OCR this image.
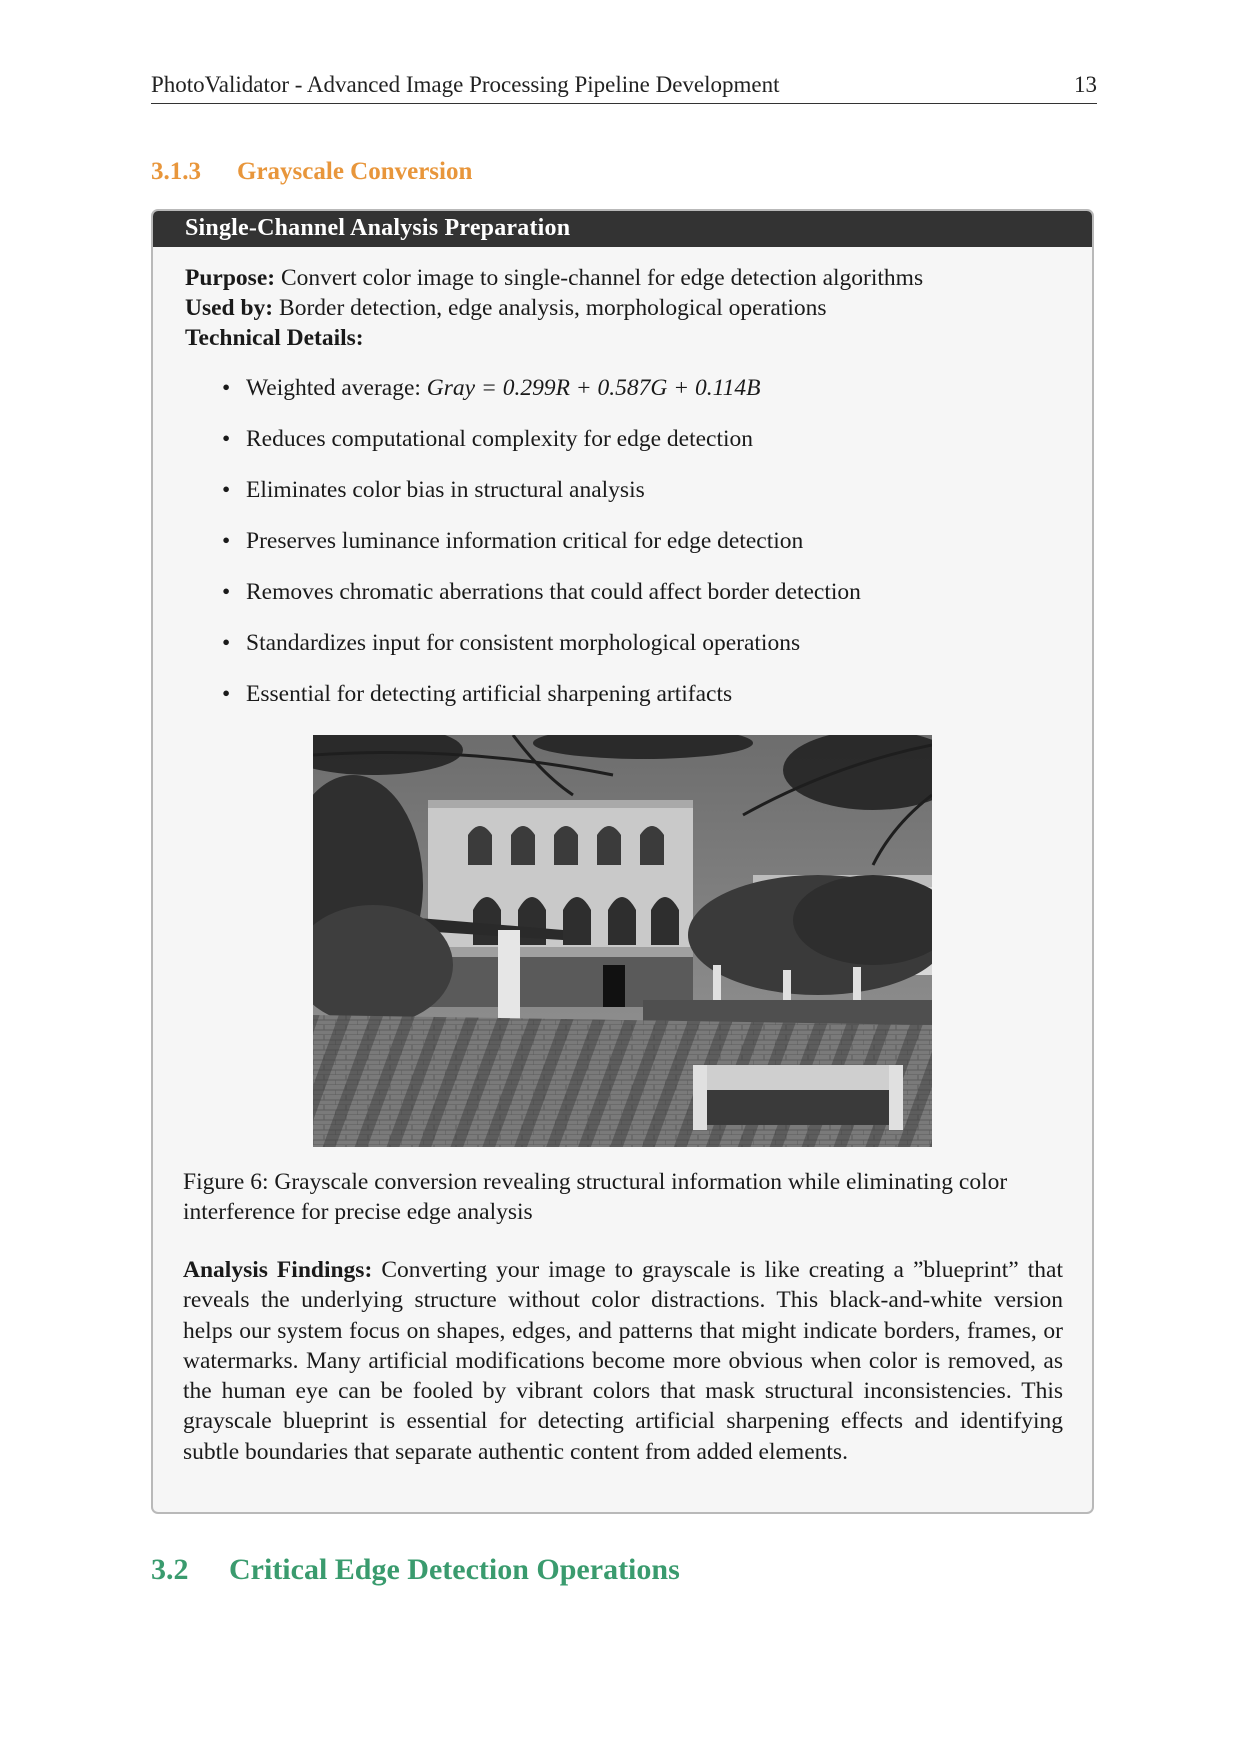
PhotoValidator - Advanced Image Processing Pipeline Development	13
3.1.3	Grayscale Conversion
Single-Channel Analysis Preparation
Purpose: Convert color image to single-channel for edge detection algorithms
Used by: Border detection, edge analysis, morphological operations
Technical Details:
• Weighted average: Gray = 0.299R + 0.587G + 0.114B
• Reduces computational complexity for edge detection
• Eliminates color bias in structural analysis
• Preserves luminance information critical for edge detection
• Removes chromatic aberrations that could affect border detection
• Standardizes input for consistent morphological operations
• Essential for detecting artificial sharpening artifacts
Figure 6: Grayscale conversion revealing structural information while eliminating color interference for precise edge analysis
Analysis Findings: Converting your image to grayscale is like creating a ”blueprint” that reveals the underlying structure without color distractions. This black-and-white version helps our system focus on shapes, edges, and patterns that might indicate borders, frames, or watermarks. Many artificial modifications become more obvious when color is removed, as the human eye can be fooled by vibrant colors that mask structural inconsistencies. This grayscale blueprint is essential for detecting artificial sharpening effects and identifying subtle boundaries that separate authentic content from added elements.
3.2	Critical Edge Detection Operations
